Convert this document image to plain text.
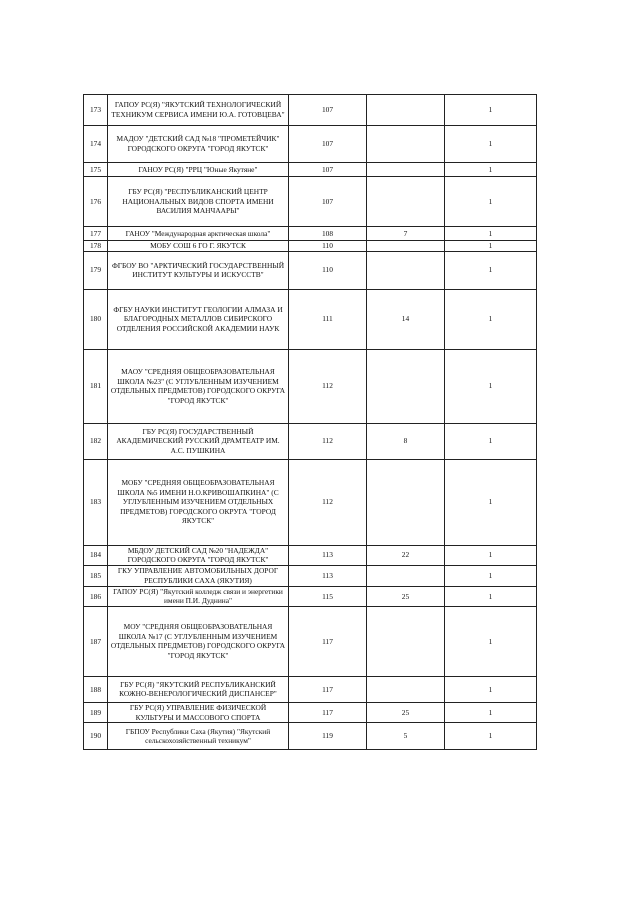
173	ГАПОУ РС(Я) "ЯКУТСКИЙ ТЕХНОЛОГИЧЕСКИЙ ТЕХНИКУМ СЕРВИСА ИМЕНИ Ю.А. ГОТОВЦЕВА"	107		1
174	МАДОУ "ДЕТСКИЙ САД №18 "ПРОМЕТЕЙЧИК" ГОРОДСКОГО ОКРУГА "ГОРОД ЯКУТСК"	107		1
175	ГАНОУ РС(Я) "РРЦ "Юные Якутяне"	107		1
176	ГБУ РС(Я) "РЕСПУБЛИКАНСКИЙ ЦЕНТР НАЦИОНАЛЬНЫХ ВИДОВ СПОРТА ИМЕНИ ВАСИЛИЯ МАНЧААРЫ"	107		1
177	ГАНОУ "Международная арктическая школа"	108	7	1
178	МОБУ СОШ 6 ГО Г. ЯКУТСК	110		1
179	ФГБОУ ВО "АРКТИЧЕСКИЙ ГОСУДАРСТВЕННЫЙ ИНСТИТУТ КУЛЬТУРЫ И ИСКУССТВ"	110		1
180	ФГБУ НАУКИ ИНСТИТУТ ГЕОЛОГИИ АЛМАЗА И БЛАГОРОДНЫХ МЕТАЛЛОВ СИБИРСКОГО ОТДЕЛЕНИЯ РОССИЙСКОЙ АКАДЕМИИ НАУК	111	14	1
181	МАОУ "СРЕДНЯЯ ОБЩЕОБРАЗОВАТЕЛЬНАЯ ШКОЛА №23" (С УГЛУБЛЕННЫМ ИЗУЧЕНИЕМ ОТДЕЛЬНЫХ ПРЕДМЕТОВ) ГОРОДСКОГО ОКРУГА "ГОРОД ЯКУТСК"	112		1
182	ГБУ РС(Я) ГОСУДАРСТВЕННЫЙ АКАДЕМИЧЕСКИЙ РУССКИЙ ДРАМТЕАТР ИМ. А.С. ПУШКИНА	112	8	1
183	МОБУ "СРЕДНЯЯ ОБЩЕОБРАЗОВАТЕЛЬНАЯ ШКОЛА №5 ИМЕНИ Н.О.КРИВОШАПКИНА" (С УГЛУБЛЕННЫМ ИЗУЧЕНИЕМ ОТДЕЛЬНЫХ ПРЕДМЕТОВ) ГОРОДСКОГО ОКРУГА "ГОРОД ЯКУТСК"	112		1
184	МБДОУ ДЕТСКИЙ САД №20 "НАДЕЖДА" ГОРОДСКОГО ОКРУГА "ГОРОД ЯКУТСК"	113	22	1
185	ГКУ УПРАВЛЕНИЕ АВТОМОБИЛЬНЫХ ДОРОГ РЕСПУБЛИКИ САХА (ЯКУТИЯ)	113		1
186	ГАПОУ РС(Я) "Якутский колледж связи и энергетики имени П.И. Дуднина"	115	25	1
187	МОУ "СРЕДНЯЯ ОБЩЕОБРАЗОВАТЕЛЬНАЯ ШКОЛА №17 (С УГЛУБЛЕННЫМ ИЗУЧЕНИЕМ ОТДЕЛЬНЫХ ПРЕДМЕТОВ) ГОРОДСКОГО ОКРУГА "ГОРОД ЯКУТСК"	117		1
188	ГБУ РС(Я) "ЯКУТСКИЙ РЕСПУБЛИКАНСКИЙ КОЖНО-ВЕНЕРОЛОГИЧЕСКИЙ ДИСПАНСЕР"	117		1
189	ГБУ РС(Я) УПРАВЛЕНИЕ ФИЗИЧЕСКОЙ КУЛЬТУРЫ И МАССОВОГО СПОРТА	117	25	1
190	ГБПОУ Республики Саха (Якутия) "Якутский сельскохозяйственный техникум"	119	5	1
